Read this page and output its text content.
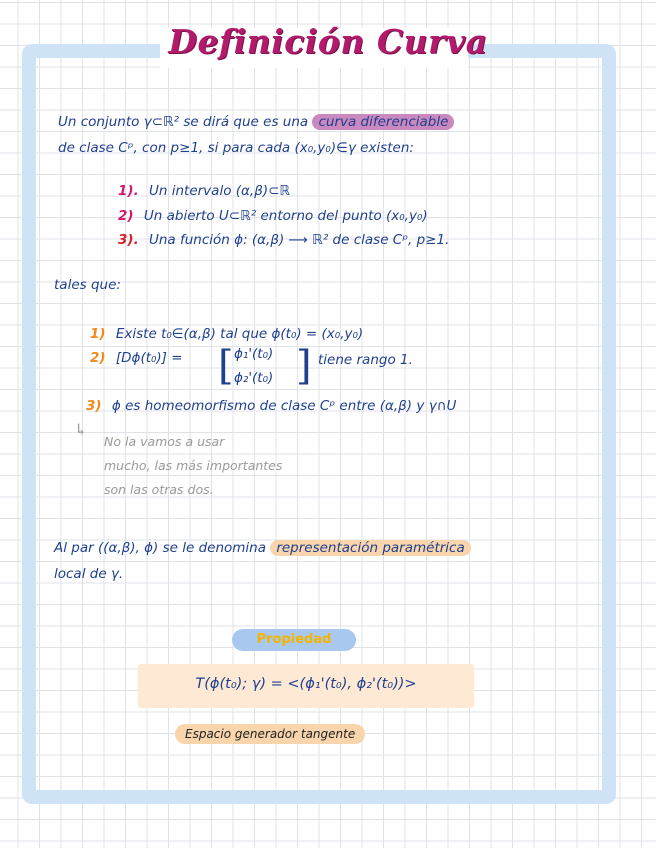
Definición Curva
Un conjunto γ⊂ℝ² se dirá que es una curva diferenciable
de clase Cᵖ, con p≥1, si para cada (x₀,y₀)∈γ existen:
1). Un intervalo (α,β)⊂ℝ
2) Un abierto U⊂ℝ² entorno del punto (x₀,y₀)
3). Una función ϕ: (α,β) ⟶ ℝ² de clase Cᵖ, p≥1.
tales que:
1) Existe t₀∈(α,β) tal que ϕ(t₀) = (x₀,y₀)
2) [Dϕ(t₀)] = [ ϕ₁'(t₀)
ϕ₂'(t₀) ] tiene rango 1.
3) ϕ es homeomorfismo de clase Cᵖ entre (α,β) y γ∩U
↳
No la vamos a usar
mucho, las más importantes
son las otras dos.
Al par ((α,β), ϕ) se le denomina representación paramétrica
local de γ.
Propiedad
T(ϕ(t₀); γ) = <(ϕ₁'(t₀), ϕ₂'(t₀))>
Espacio generador tangente
